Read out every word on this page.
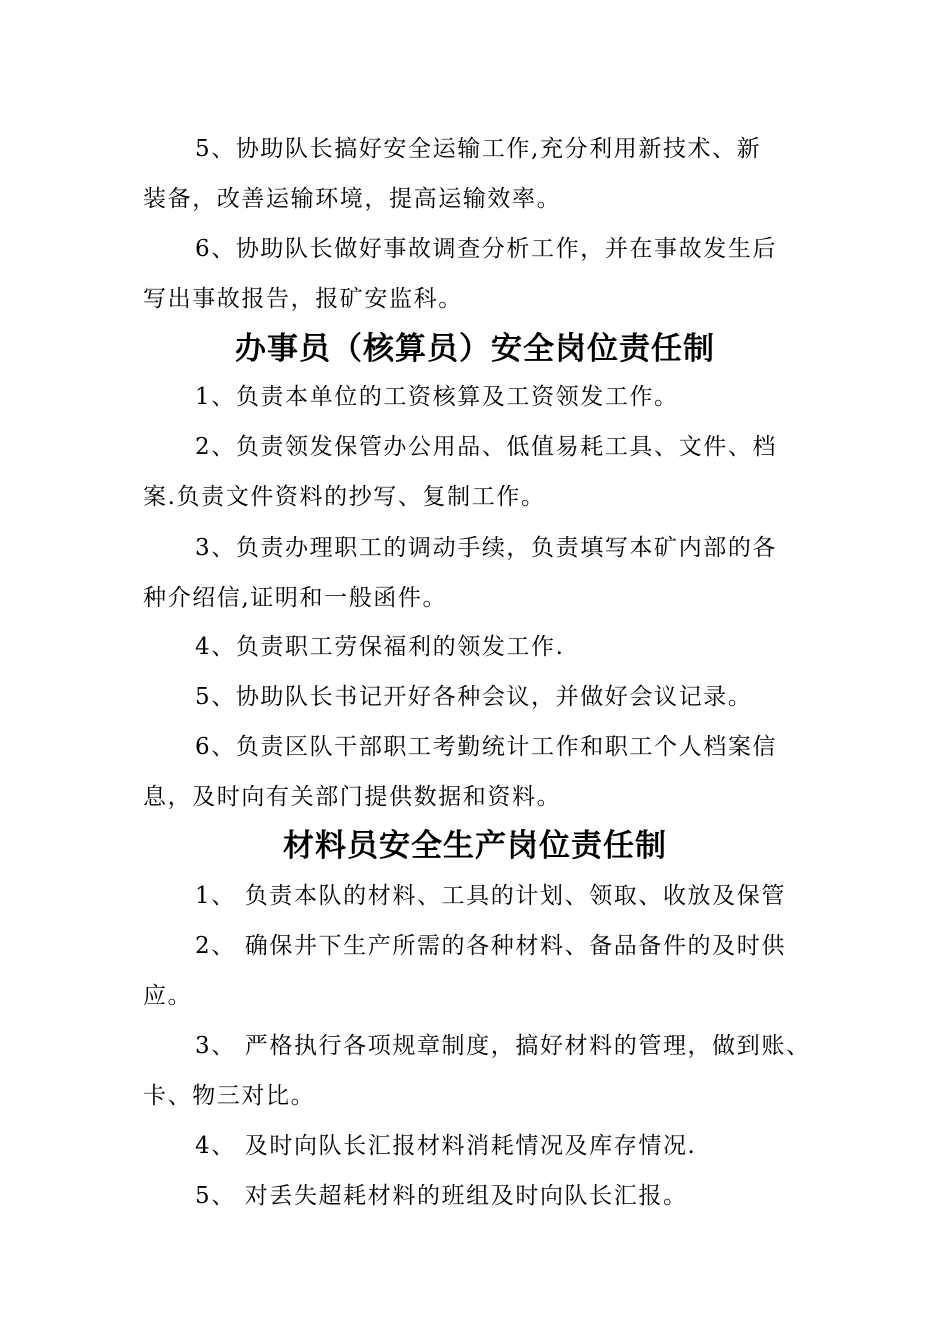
5、协助队长搞好安全运输工作,充分利用新技术、新
装备，改善运输环境，提高运输效率。
6、协助队长做好事故调查分析工作，并在事故发生后
写出事故报告，报矿安监科。
办事员（核算员）安全岗位责任制
1、负责本单位的工资核算及工资领发工作。
2、负责领发保管办公用品、低值易耗工具、文件、档
案.负责文件资料的抄写、复制工作。
3、负责办理职工的调动手续，负责填写本矿内部的各
种介绍信,证明和一般函件。
4、负责职工劳保福利的领发工作.
5、协助队长书记开好各种会议，并做好会议记录。
6、负责区队干部职工考勤统计工作和职工个人档案信
息，及时向有关部门提供数据和资料。
材料员安全生产岗位责任制
1、 负责本队的材料、工具的计划、领取、收放及保管
2、 确保井下生产所需的各种材料、备品备件的及时供
应。
3、 严格执行各项规章制度，搞好材料的管理，做到账、
卡、物三对比。
4、 及时向队长汇报材料消耗情况及库存情况.
5、 对丢失超耗材料的班组及时向队长汇报。
